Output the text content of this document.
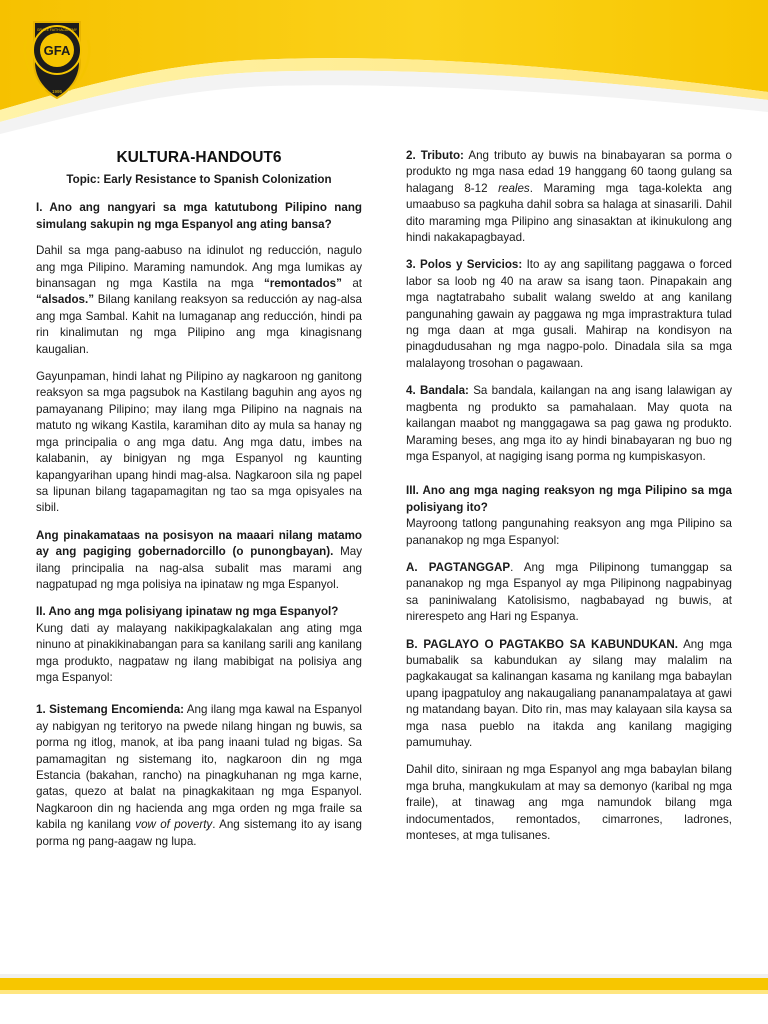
GFA
GRACE FAITH ACADEMY
1995
KULTURA-HANDOUT6
Topic: Early Resistance to Spanish Colonization

I. Ano ang nangyari sa mga katutubong Pilipino nang simulang sakupin ng mga Espanyol ang ating bansa?

Dahil sa mga pang-aabuso na idinulot ng reducción, nagulo ang mga Pilipino. Maraming namundok. Ang mga lumikas ay binansagan ng mga Kastila na mga “remontados” at “alsados.” Bilang kanilang reaksyon sa reducción ay nag-alsa ang mga Sambal. Kahit na lumaganap ang reducción, hindi pa rin kinalimutan ng mga Pilipino ang mga kinagisnang kaugalian.

Gayunpaman, hindi lahat ng Pilipino ay nagkaroon ng ganitong reaksyon sa mga pagsubok na Kastilang baguhin ang ayos ng pamayanang Pilipino; may ilang mga Pilipino na nagnais na matuto ng wikang Kastila, karamihan dito ay mula sa hanay ng mga principalia o ang mga datu. Ang mga datu, imbes na kalabanin, ay binigyan ng mga Espanyol ng kaunting kapangyarihan upang hindi mag-alsa. Nagkaroon sila ng papel sa lipunan bilang tagapamagitan ng tao sa mga opisyales na sibil.

Ang pinakamataas na posisyon na maaari nilang matamo ay ang pagiging gobernadorcillo (o punongbayan). May ilang principalia na nag-alsa subalit mas marami ang nagpatupad ng mga polisiya na ipinataw ng mga Espanyol.

II. Ano ang mga polisiyang ipinataw ng mga Espanyol?

Kung dati ay malayang nakikipagkalakalan ang ating mga ninuno at pinakikinabangan para sa kanilang sarili ang kanilang mga produkto, nagpataw ng ilang mabibigat na polisiya ang mga Espanyol:

1. Sistemang Encomienda: Ang ilang mga kawal na Espanyol ay nabigyan ng teritoryo na pwede nilang hingan ng buwis, sa porma ng itlog, manok, at iba pang inaani tulad ng bigas. Sa pamamagitan ng sistemang ito, nagkaroon din ng mga Estancia (bakahan, rancho) na pinagkuhanan ng mga karne, gatas, quezo at balat na pinagkakitaan ng mga Espanyol. Nagkaroon din ng hacienda ang mga orden ng mga fraile sa kabila ng kanilang vow of poverty. Ang sistemang ito ay isang porma ng pang-aagaw ng lupa.

2. Tributo: Ang tributo ay buwis na binabayaran sa porma o produkto ng mga nasa edad 19 hanggang 60 taong gulang sa halagang 8-12 reales. Maraming mga taga-kolekta ang umaabuso sa pagkuha dahil sobra sa halaga at sinasarili. Dahil dito maraming mga Pilipino ang sinasaktan at ikinukulong ang hindi nakakapagbayad.

3. Polos y Servicios: Ito ay ang sapilitang paggawa o forced labor sa loob ng 40 na araw sa isang taon. Pinapakain ang mga nagtatrabaho subalit walang sweldo at ang kanilang pangunahing gawain ay paggawa ng mga imprastraktura tulad ng mga daan at mga gusali. Mahirap na kondisyon na pinagdudusahan ng mga nagpo-polo. Dinadala sila sa mga malalayong trosohan o pagawaan.

4. Bandala: Sa bandala, kailangan na ang isang lalawigan ay magbenta ng produkto sa pamahalaan. May quota na kailangan maabot ng manggagawa sa pag gawa ng produkto. Maraming beses, ang mga ito ay hindi binabayaran ng buo ng mga Espanyol, at nagiging isang porma ng kumpiskasyon.

III. Ano ang mga naging reaksyon ng mga Pilipino sa mga polisiyang ito?

Mayroong tatlong pangunahing reaksyon ang mga Pilipino sa pananakop ng mga Espanyol:

A. PAGTANGGAP. Ang mga Pilipinong tumanggap sa pananakop ng mga Espanyol ay mga Pilipinong nagpabinyag sa paniniwalang Katolisismo, nagbabayad ng buwis, at nirerespeto ang Hari ng Espanya.

B. PAGLAYO O PAGTAKBO SA KABUNDUKAN. Ang mga bumabalik sa kabundukan ay silang may malalim na pagkakaugat sa kalinangan kasama ng kanilang mga babaylan upang ipagpatuloy ang nakaugaliang pananampalataya at gawi ng matandang bayan. Dito rin, mas may kalayaan sila kaysa sa mga nasa pueblo na itakda ang kanilang magiging pamumuhay.

Dahil dito, siniraan ng mga Espanyol ang mga babaylan bilang mga bruha, mangkukulam at may sa demonyo (karibal ng mga fraile), at tinawag ang mga namundok bilang mga indocumentados, remontados, cimarrones, ladrones, monteses, at mga tulisanes.
